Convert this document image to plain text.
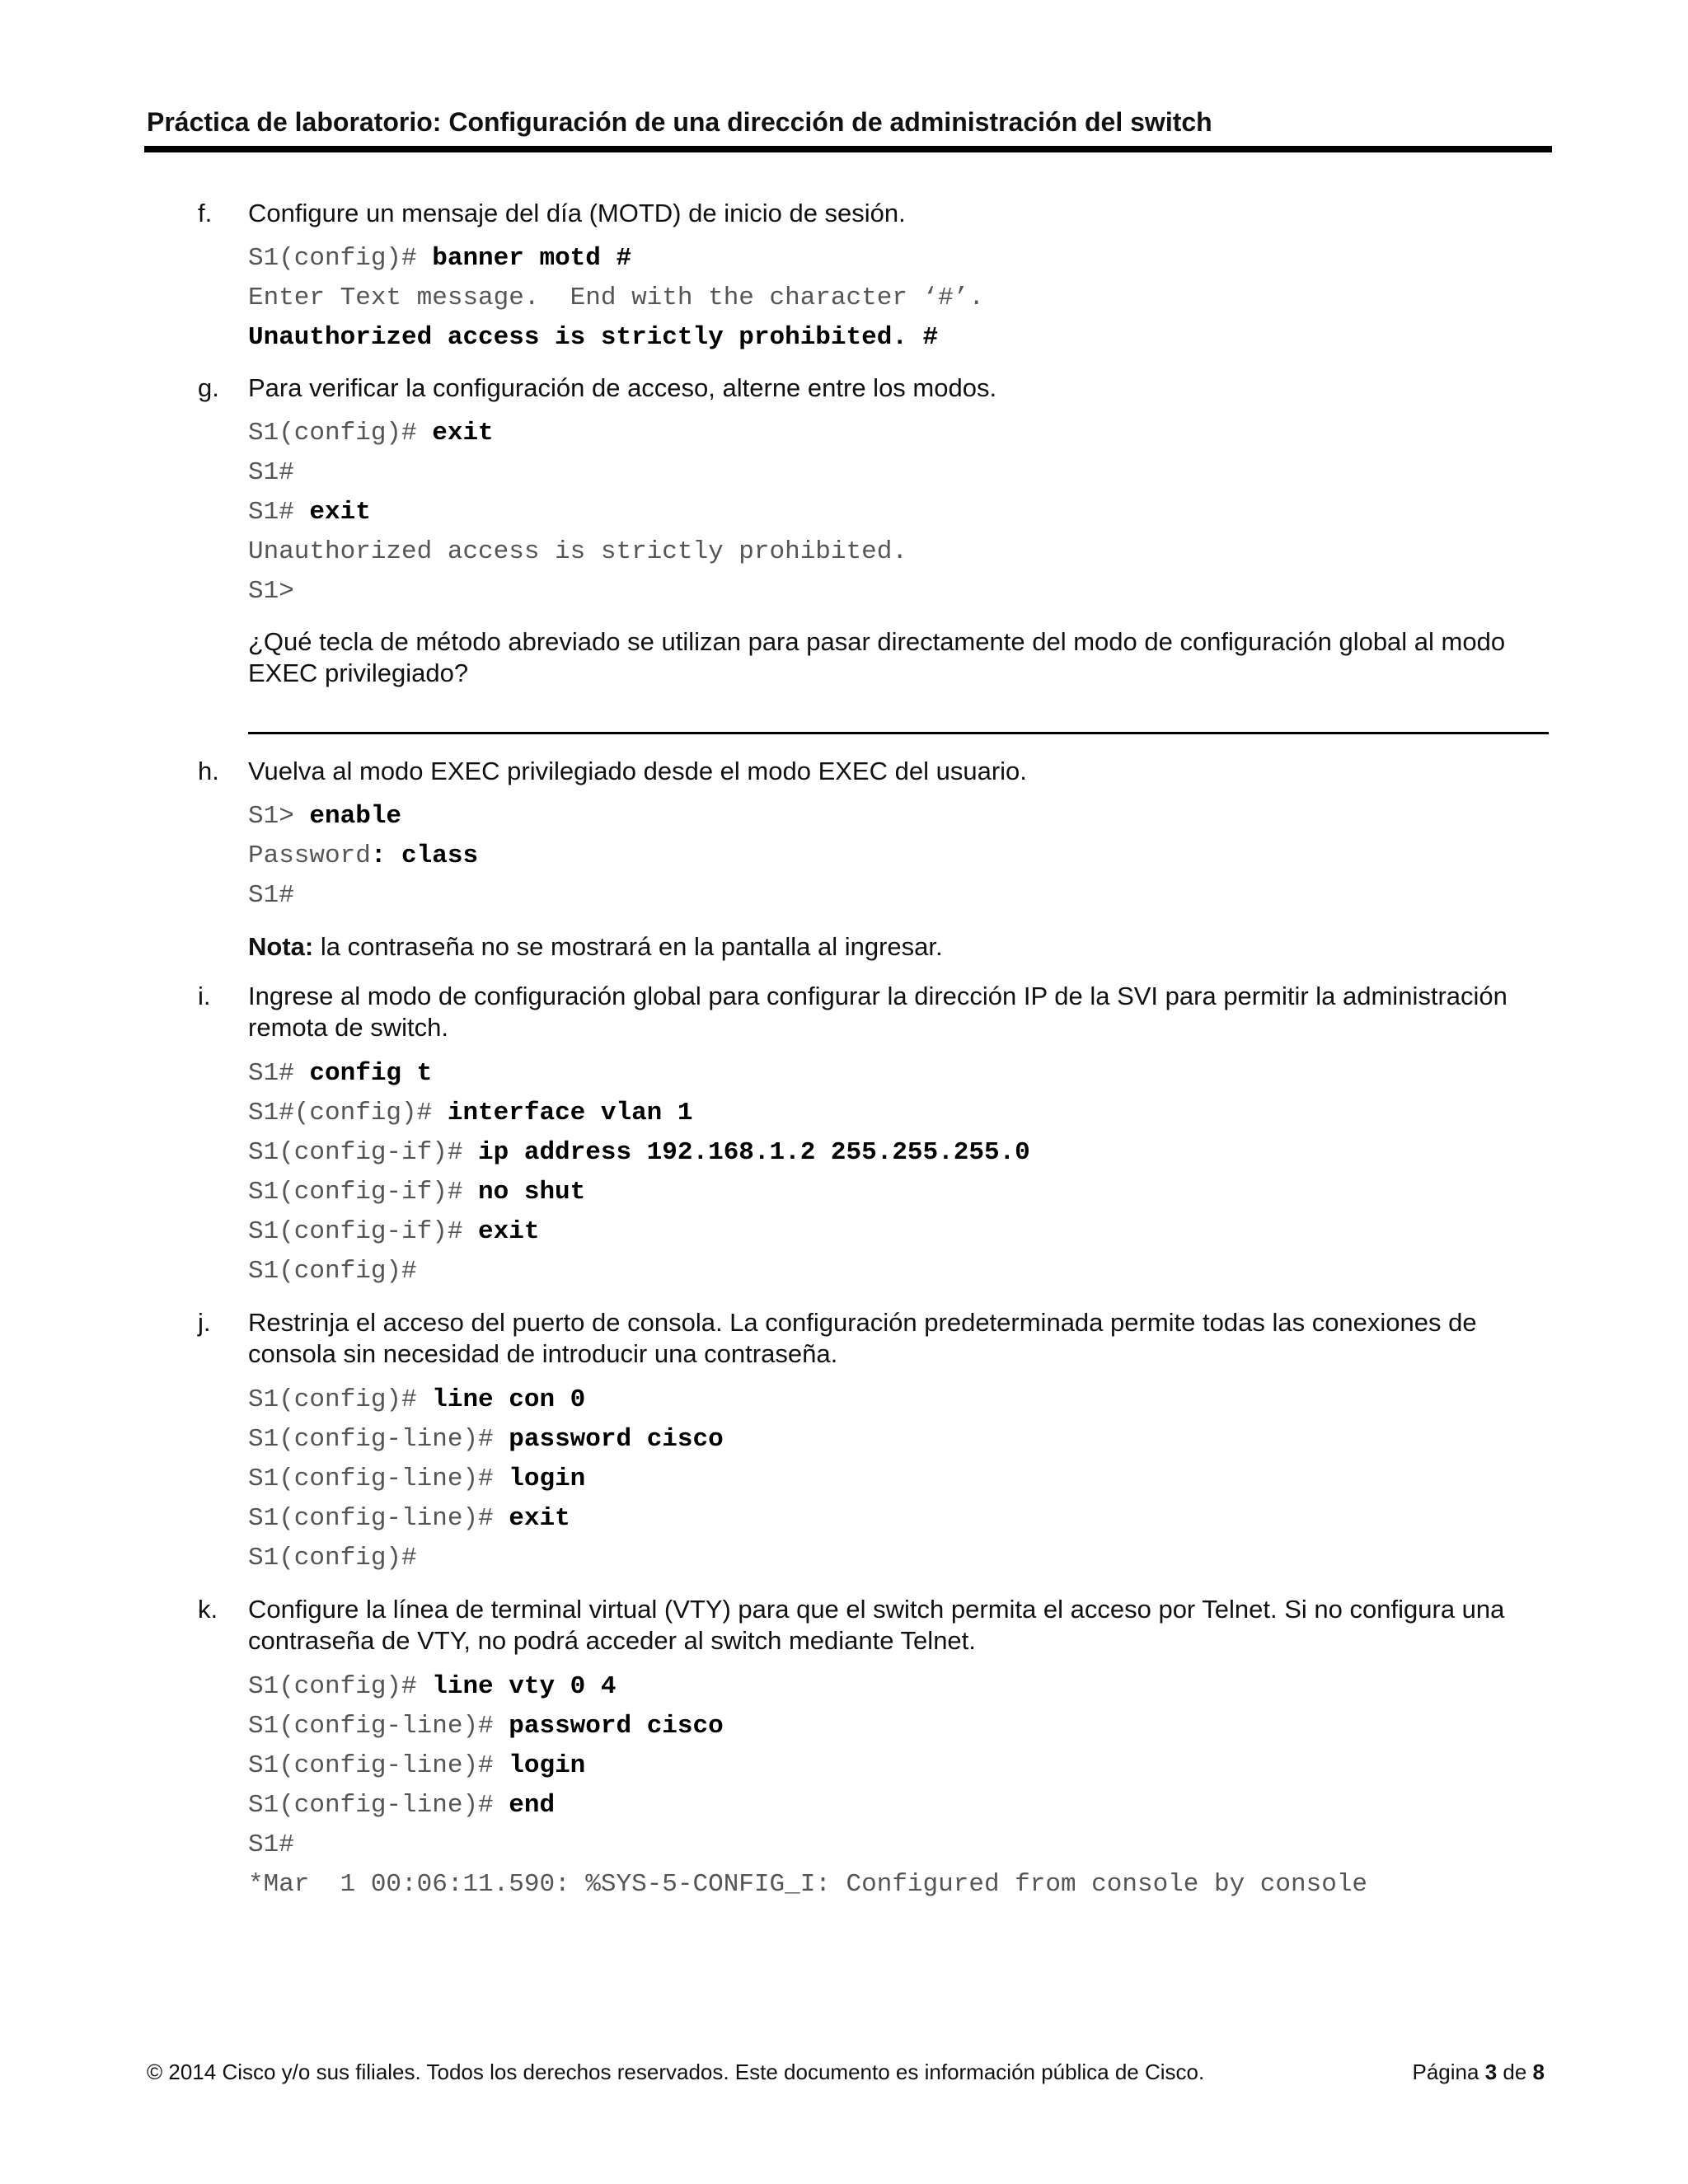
Práctica de laboratorio: Configuración de una dirección de administración del switch
f. Configure un mensaje del día (MOTD) de inicio de sesión.
S1(config)# banner motd #
Enter Text message.  End with the character ‘#’.
Unauthorized access is strictly prohibited. #
g. Para verificar la configuración de acceso, alterne entre los modos.
S1(config)# exit
S1#
S1# exit
Unauthorized access is strictly prohibited.
S1>
¿Qué tecla de método abreviado se utilizan para pasar directamente del modo de configuración global al modo EXEC privilegiado?
h. Vuelva al modo EXEC privilegiado desde el modo EXEC del usuario.
S1> enable
Password: class
S1#
Nota: la contraseña no se mostrará en la pantalla al ingresar.
i. Ingrese al modo de configuración global para configurar la dirección IP de la SVI para permitir la administración remota de switch.
S1# config t
S1#(config)# interface vlan 1
S1(config-if)# ip address 192.168.1.2 255.255.255.0
S1(config-if)# no shut
S1(config-if)# exit
S1(config)#
j. Restrinja el acceso del puerto de consola. La configuración predeterminada permite todas las conexiones de consola sin necesidad de introducir una contraseña.
S1(config)# line con 0
S1(config-line)# password cisco
S1(config-line)# login
S1(config-line)# exit
S1(config)#
k. Configure la línea de terminal virtual (VTY) para que el switch permita el acceso por Telnet. Si no configura una contraseña de VTY, no podrá acceder al switch mediante Telnet.
S1(config)# line vty 0 4
S1(config-line)# password cisco
S1(config-line)# login
S1(config-line)# end
S1#
*Mar  1 00:06:11.590: %SYS-5-CONFIG_I: Configured from console by console
© 2014 Cisco y/o sus filiales. Todos los derechos reservados. Este documento es información pública de Cisco.	Página 3 de 8
